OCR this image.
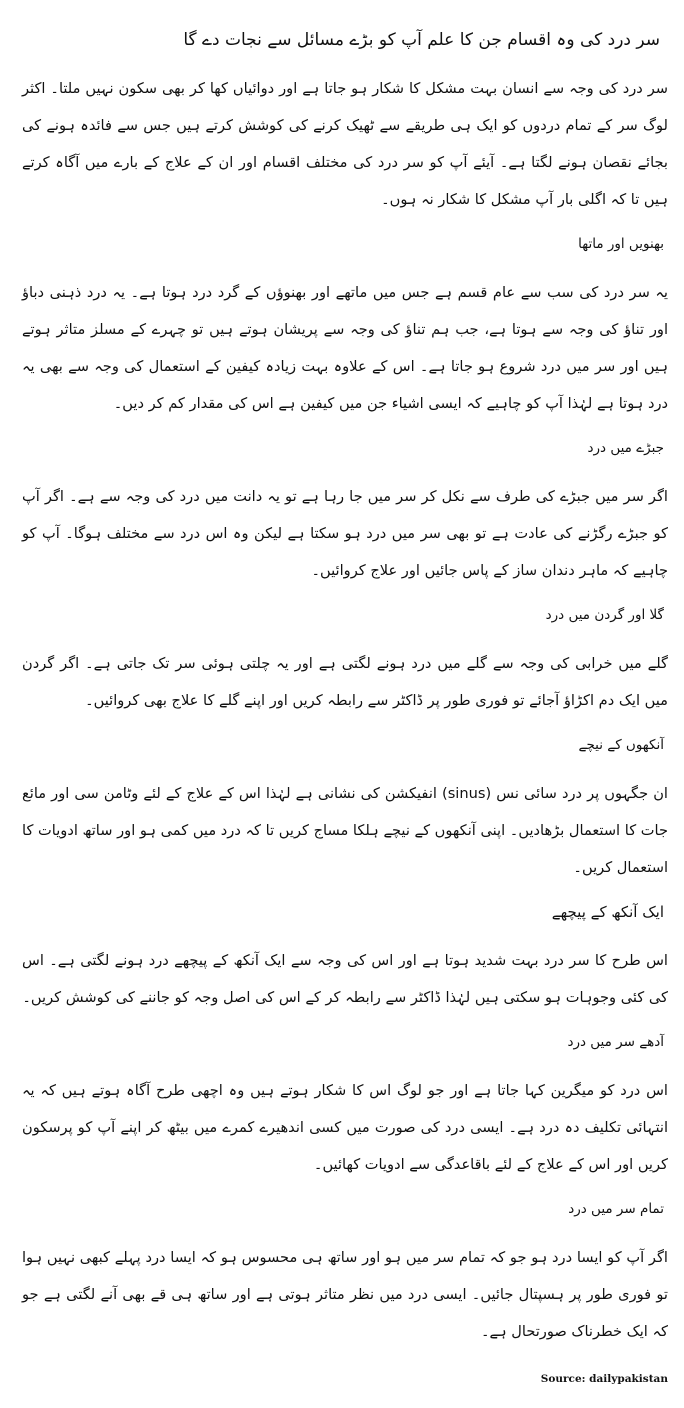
سر درد کی وہ اقسام جن کا علم آپ کو بڑے مسائل سے نجات دے گا

سر درد کی وجہ سے انسان بہت مشکل کا شکار ہو جاتا ہے اور دوائیاں کھا کر بھی سکون نہیں ملتا۔ اکثر لوگ سر کے تمام دردوں کو ایک ہی طریقے سے ٹھیک کرنے کی کوشش کرتے ہیں جس سے فائدہ ہونے کی بجائے نقصان ہونے لگتا ہے۔ آیئے آپ کو سر درد کی مختلف اقسام اور ان کے علاج کے بارے میں آگاہ کرتے ہیں تا کہ اگلی بار آپ مشکل کا شکار نہ ہوں۔

بھنویں اور ماتھا

یہ سر درد کی سب سے عام قسم ہے جس میں ماتھے اور بھنوؤں کے گرد درد ہوتا ہے۔ یہ درد ذہنی دباؤ اور تناؤ کی وجہ سے ہوتا ہے، جب ہم تناؤ کی وجہ سے پریشان ہوتے ہیں تو چہرے کے مسلز متاثر ہوتے ہیں اور سر میں درد شروع ہو جاتا ہے۔ اس کے علاوہ بہت زیادہ کیفین کے استعمال کی وجہ سے بھی یہ درد ہوتا ہے لہٰذا آپ کو چاہیے کہ ایسی اشیاء جن میں کیفین ہے اس کی مقدار کم کر دیں۔

جبڑے میں درد

اگر سر میں جبڑے کی طرف سے نکل کر سر میں جا رہا ہے تو یہ دانت میں درد کی وجہ سے ہے۔ اگر آپ کو جبڑے رگڑنے کی عادت ہے تو بھی سر میں درد ہو سکتا ہے لیکن وہ اس درد سے مختلف ہوگا۔ آپ کو چاہیے کہ ماہر دندان ساز کے پاس جائیں اور علاج کروائیں۔

گلا اور گردن میں درد

گلے میں خرابی کی وجہ سے گلے میں درد ہونے لگتی ہے اور یہ چلتی ہوئی سر تک جاتی ہے۔ اگر گردن میں ایک دم اکڑاؤ آجائے تو فوری طور پر ڈاکٹر سے رابطہ کریں اور اپنے گلے کا علاج بھی کروائیں۔

آنکھوں کے نیچے

ان جگہوں پر درد سائی نس (sinus) انفیکشن کی نشانی ہے لہٰذا اس کے علاج کے لئے وٹامن سی اور مائع جات کا استعمال بڑھادیں۔ اپنی آنکھوں کے نیچے ہلکا مساج کریں تا کہ درد میں کمی ہو اور ساتھ ادویات کا استعمال کریں۔

ایک آنکھ کے پیچھے

اس طرح کا سر درد بہت شدید ہوتا ہے اور اس کی وجہ سے ایک آنکھ کے پیچھے درد ہونے لگتی ہے۔ اس کی کئی وجوہات ہو سکتی ہیں لہٰذا ڈاکٹر سے رابطہ کر کے اس کی اصل وجہ کو جاننے کی کوشش کریں۔

آدھے سر میں درد

اس درد کو میگرین کہا جاتا ہے اور جو لوگ اس کا شکار ہوتے ہیں وہ اچھی طرح آگاہ ہوتے ہیں کہ یہ انتہائی تکلیف دہ درد ہے۔ ایسی درد کی صورت میں کسی اندھیرے کمرے میں بیٹھ کر اپنے آپ کو پرسکون کریں اور اس کے علاج کے لئے باقاعدگی سے ادویات کھائیں۔

تمام سر میں درد

اگر آپ کو ایسا درد ہو جو کہ تمام سر میں ہو اور ساتھ ہی محسوس ہو کہ ایسا درد پہلے کبھی نہیں ہوا تو فوری طور پر ہسپتال جائیں۔ ایسی درد میں نظر متاثر ہوتی ہے اور ساتھ ہی قے بھی آنے لگتی ہے جو کہ ایک خطرناک صورتحال ہے۔

Source: dailypakistan
